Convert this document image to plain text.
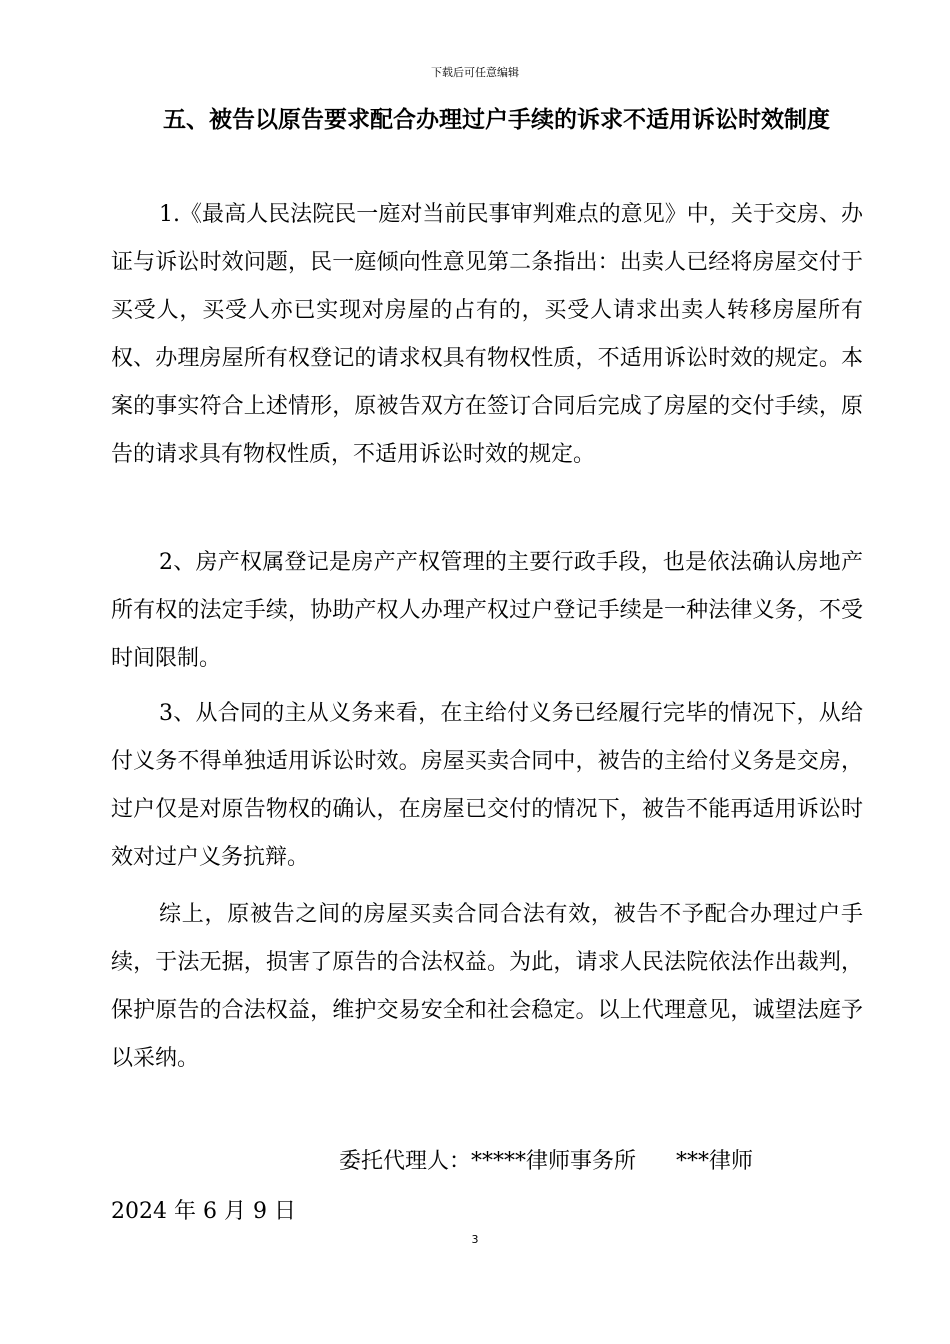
下载后可任意编辑
五、被告以原告要求配合办理过户手续的诉求不适用诉讼时效制度

1.《最高人民法院民一庭对当前民事审判难点的意见》中，关于交房、办证与诉讼时效问题，民一庭倾向性意见第二条指出：出卖人已经将房屋交付于买受人，买受人亦已实现对房屋的占有的，买受人请求出卖人转移房屋所有权、办理房屋所有权登记的请求权具有物权性质，不适用诉讼时效的规定。本案的事实符合上述情形，原被告双方在签订合同后完成了房屋的交付手续，原告的请求具有物权性质，不适用诉讼时效的规定。

2、房产权属登记是房产产权管理的主要行政手段，也是依法确认房地产所有权的法定手续，协助产权人办理产权过户登记手续是一种法律义务，不受时间限制。

3、从合同的主从义务来看，在主给付义务已经履行完毕的情况下，从给付义务不得单独适用诉讼时效。房屋买卖合同中，被告的主给付义务是交房，过户仅是对原告物权的确认，在房屋已交付的情况下，被告不能再适用诉讼时效对过户义务抗辩。

综上，原被告之间的房屋买卖合同合法有效，被告不予配合办理过户手续，于法无据，损害了原告的合法权益。为此，请求人民法院依法作出裁判，保护原告的合法权益，维护交易安全和社会稳定。以上代理意见，诚望法庭予以采纳。

委托代理人：*****律师事务所 ***律师
2024 年 6 月 9 日
3
